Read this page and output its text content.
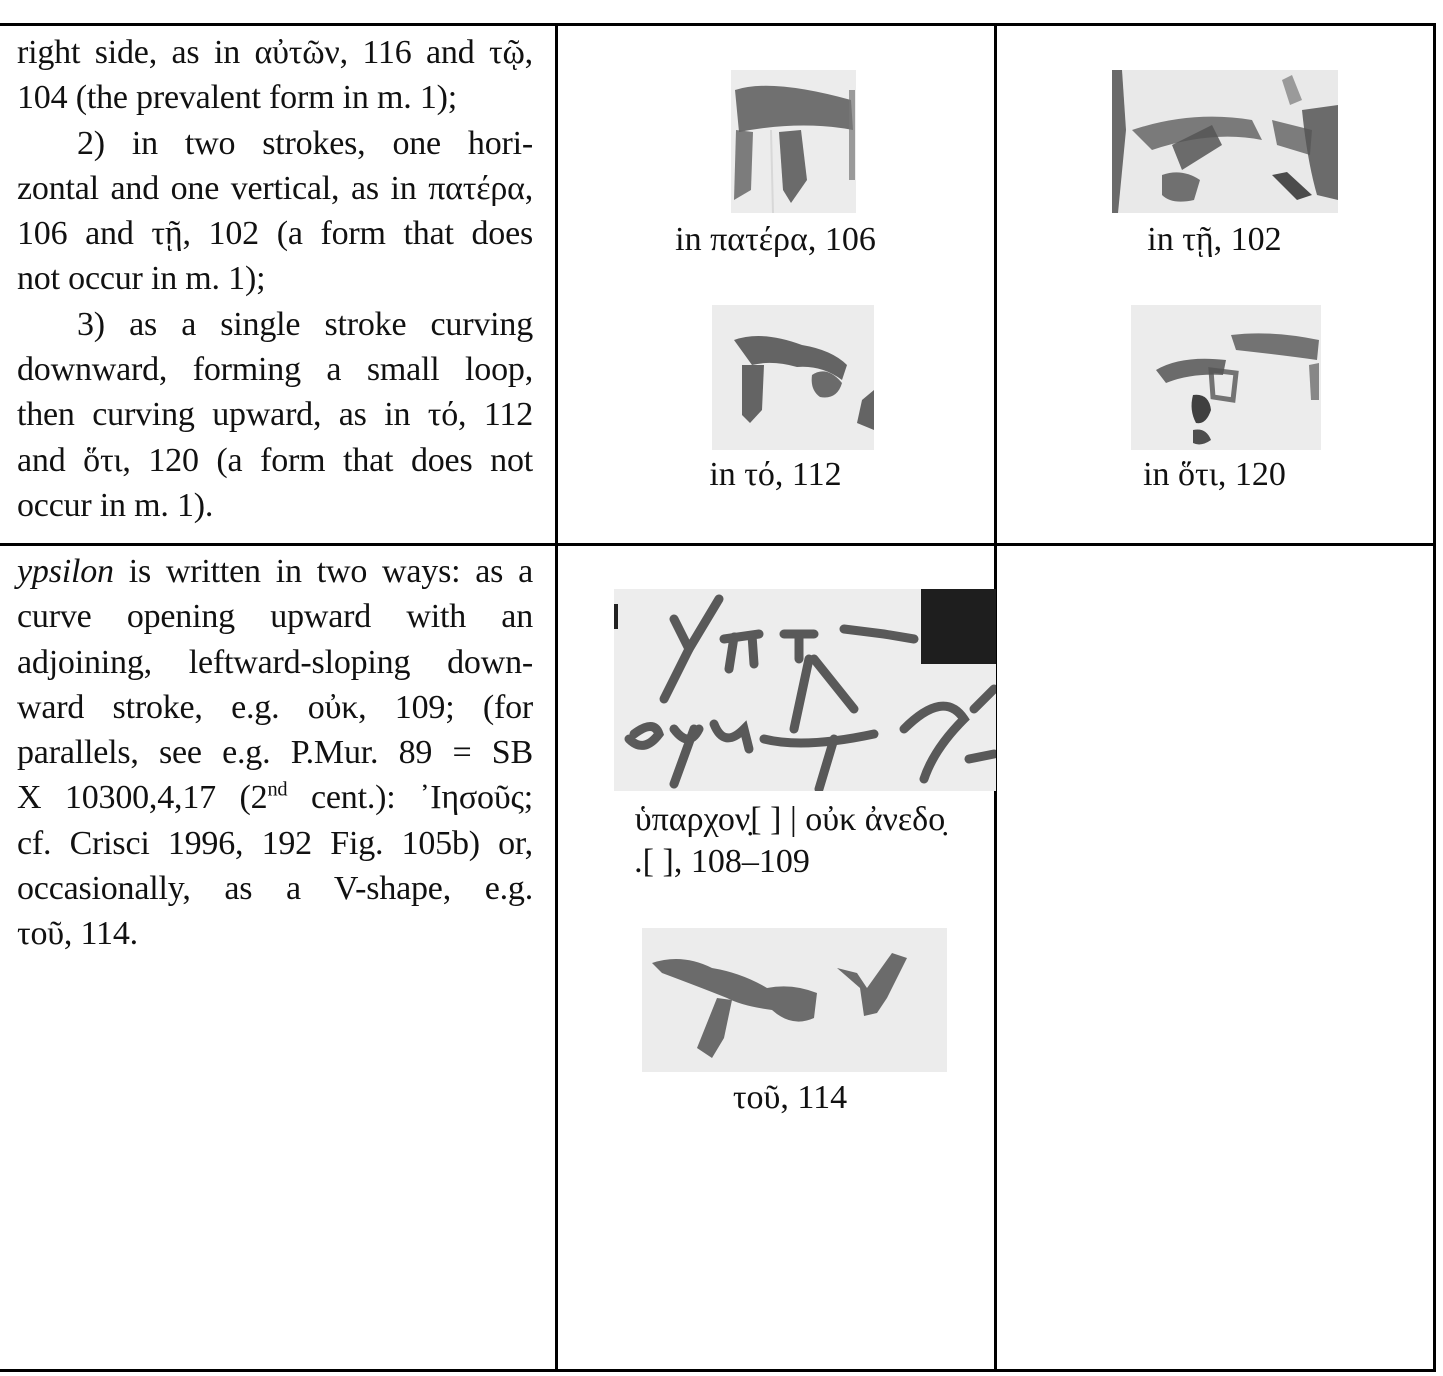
right side, as in αὐτῶν, 116 and τῷ,

104 (the prevalent form in m. 1);

2) in two strokes, one hori-

zontal and one vertical, as in πατέρα,

106 and τῇ, 102 (a form that does

not occur in m. 1);

3) as a single stroke curving

downward, forming a small loop,

then curving upward, as in τό, 112

and ὅτι, 120 (a form that does not

occur in m. 1).

in πατέρα, 106	in τῇ, 102
in τό, 112	in ὅτι, 120

ypsilon is written in two ways: as a

curve opening upward with an

adjoining, leftward-sloping down-

ward stroke, e.g. οὐκ, 109; (for

parallels, see e.g. P.Mur. 89 = SB

X 10300,4,17 (2nd cent.): ᾿Ιησοῦς;

cf. Crisci 1996, 192 Fig. 105b) or,

occasionally, as a V-shape, e.g.

τοῦ, 114.

ὑπαρχον̣[ ] | οὐκ ἀνεδο̣
.[ ], 108–109
τοῦ, 114
